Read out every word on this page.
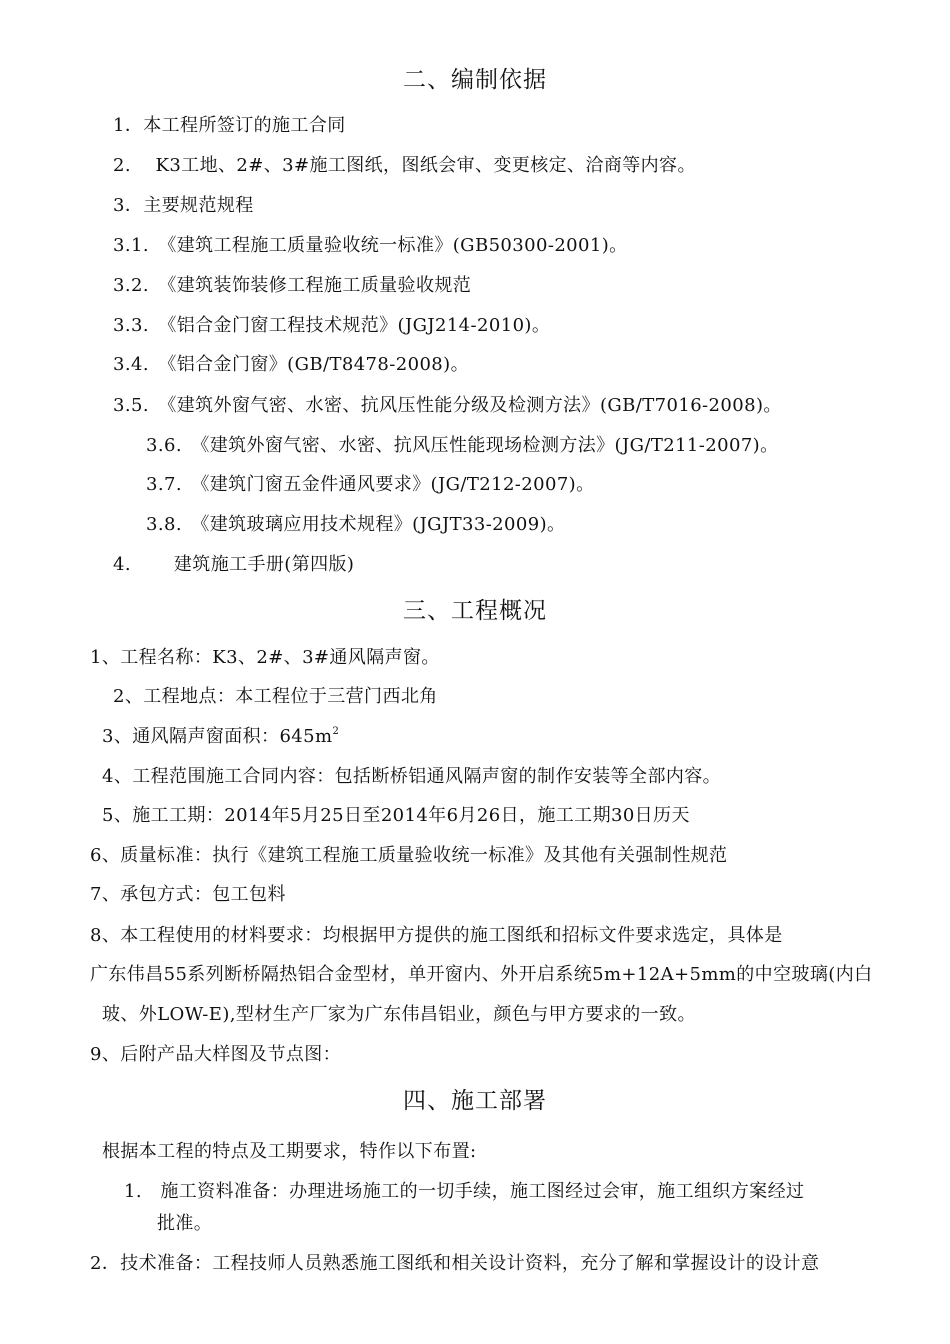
二、编制依据
1．本工程所签订的施工合同
2.　 K3工地、2#、3#施工图纸，图纸会审、变更核定、洽商等内容。
3．主要规范规程
3.1.　《建筑工程施工质量验收统一标准》(GB50300-2001)。
3.2.　《建筑装饰装修工程施工质量验收规范
3.3.　《铝合金门窗工程技术规范》(JGJ214-2010)。
3.4.　《铝合金门窗》(GB/T8478-2008)。
3.5.　《建筑外窗气密、水密、抗风压性能分级及检测方法》(GB/T7016-2008)。
3.6.　《建筑外窗气密、水密、抗风压性能现场检测方法》(JG/T211-2007)。
3.7.　《建筑门窗五金件通风要求》(JG/T212-2007)。
3.8.　《建筑玻璃应用技术规程》(JGJT33-2009)。
4.　　 建筑施工手册(第四版)
三、工程概况
1、工程名称：K3、2#、3#通风隔声窗。
2、工程地点：本工程位于三营门西北角
3、通风隔声窗面积：$645m^2$
4、工程范围施工合同内容：包括断桥铝通风隔声窗的制作安装等全部内容。
5、施工工期：2014年5月25日至2014年6月26日，施工工期30日历天
6、质量标准：执行《建筑工程施工质量验收统一标准》及其他有关强制性规范
7、承包方式：包工包料
8、本工程使用的材料要求：均根据甲方提供的施工图纸和招标文件要求选定，具体是
广东伟昌55系列断桥隔热铝合金型材，单开窗内、外开启系统5m+12A+5mm的中空玻璃(内白
玻、外LOW-E),型材生产厂家为广东伟昌铝业，颜色与甲方要求的一致。
9、后附产品大样图及节点图：
四、施工部署
根据本工程的特点及工期要求，特作以下布置:
1.　施工资料准备：办理进场施工的一切手续，施工图经过会审，施工组织方案经过
批准。
2．技术准备：工程技师人员熟悉施工图纸和相关设计资料，充分了解和掌握设计的设计意
